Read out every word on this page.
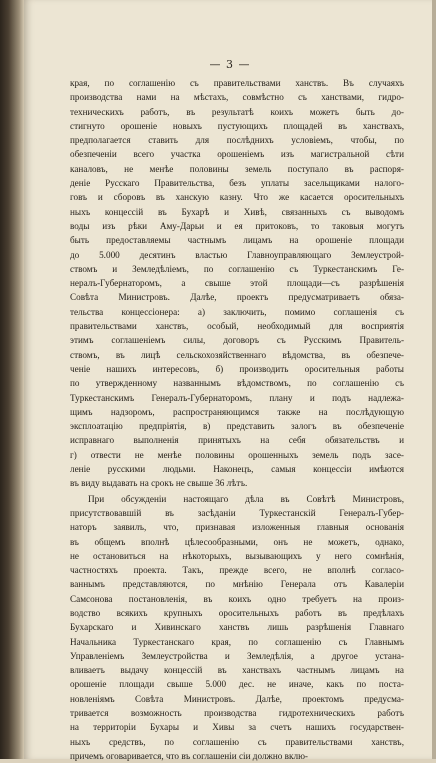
— 3 —
края, по соглашенію съ правительствами ханствъ. Въ случаяхъ
производства нами на мѣстахъ, совмѣстно съ ханствами, гидро-
техническихъ работъ, въ результатѣ коихъ можетъ быть до-
стигнуто орошеніе новыхъ пустующихъ площадей въ ханствахъ,
предполагается ставить для послѣднихъ условіемъ, чтобы, по
обезпеченіи всего участка орошеніемъ изъ магистральной сѣти
каналовъ, не менѣе половины земель поступало въ распоря-
деніе Русскаго Правительства, безъ уплаты засельщиками налого-
говъ и сборовъ въ ханскую казну. Что же касается оросительныхъ
ныхъ концессій въ Бухарѣ и Хивѣ, связанныхъ съ выводомъ
воды изъ рѣки Аму-Дарьи и ея притоковъ, то таковыя могутъ
быть предоставляемы частнымъ лицамъ на орошеніе площади
до 5.000 десятинъ властью Главноуправляющаго Землеустрой-
ствомъ и Земледѣліемъ, по соглашенію съ Туркестанскимъ Ге-
нералъ-Губернаторомъ, а свыше этой площади—съ разрѣшенія
Совѣта Министровъ. Далѣе, проектъ предусматриваетъ обяза-
тельства концессіонера: а) заключить, помимо соглашенія съ
правительствами ханствъ, особый, необходимый для восприятія
этимъ соглашеніемъ силы, договоръ съ Русскимъ Правитель-
ствомъ, въ лицѣ сельскохозяйственнаго вѣдомства, въ обезпече-
ченіе нашихъ интересовъ, б) производить оросительныя работы
по утвержденному названнымъ вѣдомствомъ, по соглашенію съ
Туркестанскимъ Генералъ-Губернаторомъ, плану и подъ надлежа-
щимъ надзоромъ, распространяющимся также на послѣдующую
эксплоатацію предпріятія, в) представить залогъ въ обезпеченіе
исправнаго выполненія принятыхъ на себя обязательствъ и
г) отвести не менѣе половины орошенныхъ земель подъ засе-
леніе русскими людьми. Наконецъ, самыя концессіи имѣются
въ виду выдавать на срокъ не свыше 36 лѣтъ.
При обсужденіи настоящаго дѣла въ Совѣтѣ Министровъ,
присутствовавшій въ засѣданіи Туркестанскій Генералъ-Губер-
наторъ заявилъ, что, признавая изложенныя главныя основанія
въ общемъ вполнѣ цѣлесообразными, онъ не можетъ, однако,
не остановиться на нѣкоторыхъ, вызывающихъ у него сомнѣнія,
частностяхъ проекта. Такъ, прежде всего, не вполнѣ согласо-
ваннымъ представляются, по мнѣнію Генерала отъ Кавалеріи
Самсонова постановленія, въ коихъ одно требуетъ на произ-
водство всякихъ крупныхъ оросительныхъ работъ въ предѣлахъ
Бухарскаго и Хивинскаго ханствъ лишь разрѣшенія Главнаго
Начальника Туркестанскаго края, по соглашенію съ Главнымъ
Управленіемъ Землеустройства и Земледѣлія, а другое устана-
вливаетъ выдачу концессій въ ханствахъ частнымъ лицамъ на
орошеніе площади свыше 5.000 дес. не иначе, какъ по поста-
новленіямъ Совѣта Министровъ. Далѣе, проектомъ предусма-
тривается возможность производства гидротехническихъ работъ
на территоріи Бухары и Хивы за счетъ нашихъ государствен-
ныхъ средствъ, по соглашенію съ правительствами ханствъ,
причемъ оговаривается, что въ соглашеніи сіи должно вклю-
